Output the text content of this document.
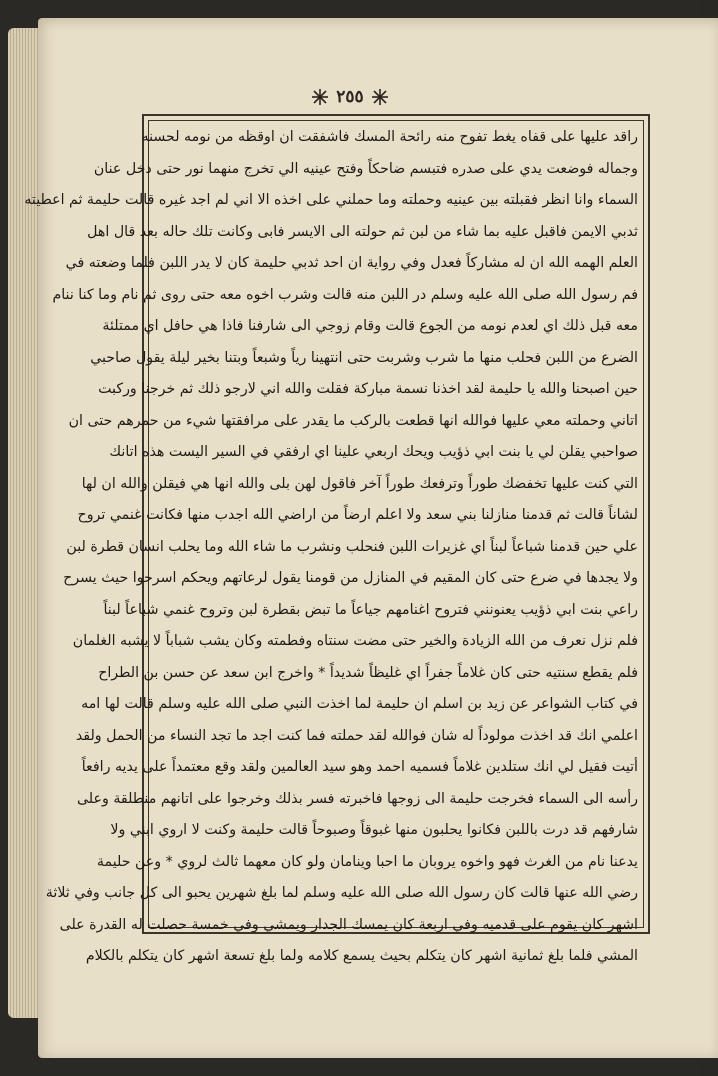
٢٥٥
راقد عليها على قفاه يغط تفوح منه رائحة المسك فاشفقت ان اوقظه من نومه لحسنه
وجماله فوضعت يدي على صدره فتبسم ضاحكاً وفتح عينيه الي تخرج منهما نور حتى دخل عنان
السماء وانا انظر فقبلته بين عينيه وحملته وما حملني على اخذه الا اني لم اجد غيره قالت حليمة ثم اعطيته
ثدبي الايمن فاقبل عليه بما شاء من لبن ثم حولته الى الايسر فابى وكانت تلك حاله بعد قال اهل
العلم الهمه الله ان له مشاركاً فعدل وفي رواية ان احد ثدبي حليمة كان لا يدر اللبن فلما وضعته في
فم رسول الله صلى الله عليه وسلم در اللبن منه قالت وشرب اخوه معه حتى روى ثم نام وما كنا ننام
معه قبل ذلك اي لعدم نومه من الجوع قالت وقام زوجي الى شارفنا فاذا هي حافل اي ممتلئة
الضرع من اللبن فحلب منها ما شرب وشربت حتى انتهينا رياً وشبعاً وبتنا بخير ليلة يقول صاحبي
حين اصبحنا والله يا حليمة لقد اخذنا نسمة مباركة فقلت والله اني لارجو ذلك ثم خرجنا وركبت
اتاني وحملته معي عليها فوالله انها قطعت بالركب ما يقدر على مرافقتها شيء من حمرهم حتى ان
صواحبي يقلن لي يا بنت ابي ذؤيب ويحك اربعي علينا اي ارفقي في السير اليست هذه اتانك
التي كنت عليها تخفضك طوراً وترفعك طوراً آخر فاقول لهن بلى والله انها هي فيقلن والله ان لها
لشاناً قالت ثم قدمنا منازلنا بني سعد ولا اعلم ارضاً من اراضي الله اجدب منها فكانت غنمي تروح
علي حين قدمنا شباعاً لبناً اي غزيرات اللبن فنحلب ونشرب ما شاء الله وما يحلب انسان قطرة لبن
ولا يجدها في ضرع حتى كان المقيم في المنازل من قومنا يقول لرعاتهم ويحكم اسرحوا حيث يسرح
راعي بنت ابي ذؤيب يعنونني فتروح اغنامهم جياعاً ما تبض بقطرة لبن وتروح غنمي شباعاً لبناً
فلم نزل نعرف من الله الزيادة والخير حتى مضت سنتاه وفطمته وكان يشب شباباً لا يشبه الغلمان
فلم يقطع سنتيه حتى كان غلاماً جفراً اي غليظاً شديداً * واخرج ابن سعد عن حسن بن الطراح
في كتاب الشواعر عن زيد بن اسلم ان حليمة لما اخذت النبي صلى الله عليه وسلم قالت لها امه
اعلمي انك قد اخذت مولوداً له شان فوالله لقد حملته فما كنت اجد ما تجد النساء من الحمل ولقد
أتيت فقيل لي انك ستلدين غلاماً فسميه احمد وهو سيد العالمين ولقد وقع معتمداً على يديه رافعاً
رأسه الى السماء فخرجت حليمة الى زوجها فاخبرته فسر بذلك وخرجوا على اتانهم منطلقة وعلى
شارفهم قد درت باللبن فكانوا يحلبون منها غبوقاً وصبوحاً قالت حليمة وكنت لا اروي ابني ولا
يدعنا نام من الغرث فهو واخوه يروبان ما احبا وينامان ولو كان معهما ثالث لروي * وعن حليمة
رضي الله عنها قالت كان رسول الله صلى الله عليه وسلم لما بلغ شهرين يحبو الى كل جانب وفي ثلاثة
اشهر كان يقوم على قدميه وفي اربعة كان يمسك الجدار ويمشي وفي خمسة حصلت له القدرة على
المشي فلما بلغ ثمانية اشهر كان يتكلم بحيث يسمع كلامه ولما بلغ تسعة اشهر كان يتكلم بالكلام
